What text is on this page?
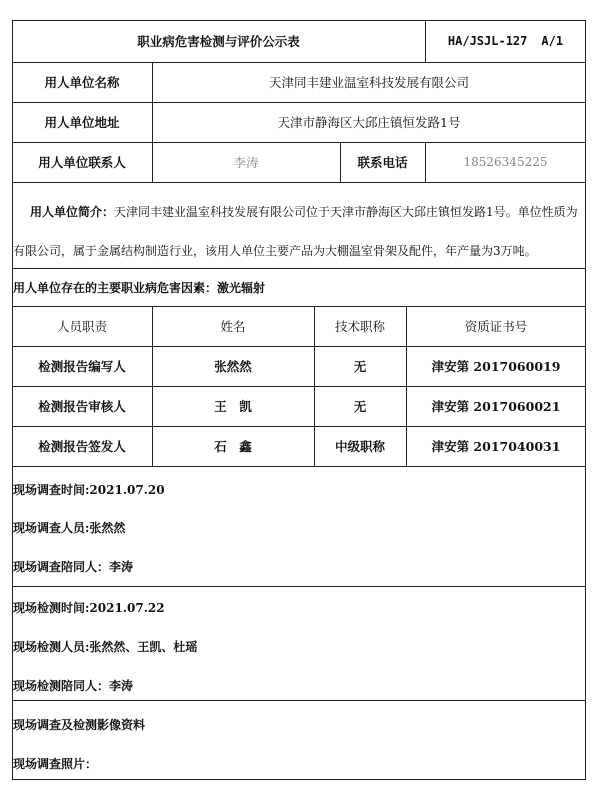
职业病危害检测与评价公示表	HA/JSJL-127 A/1
用人单位名称	天津同丰建业温室科技发展有限公司
用人单位地址	天津市静海区大邱庄镇恒发路1号
用人单位联系人	李涛	联系电话	18526345225
用人单位简介：天津同丰建业温室科技发展有限公司位于天津市静海区大邱庄镇恒发路1号。单位性质为
有限公司，属于金属结构制造行业，该用人单位主要产品为大棚温室骨架及配件，年产量为3万吨。
用人单位存在的主要职业病危害因素：激光辐射
人员职责	姓名	技术职称	资质证书号
检测报告编写人	张然然	无	津安第 2017060019
检测报告审核人	王　凯	无	津安第 2017060021
检测报告签发人	石　鑫	中级职称	津安第 2017040031
现场调查时间:2021.07.20
现场调查人员:张然然
现场调查陪同人：李涛
现场检测时间:2021.07.22
现场检测人员:张然然、王凯、杜瑶
现场检测陪同人：李涛
现场调查及检测影像资料
现场调查照片：
